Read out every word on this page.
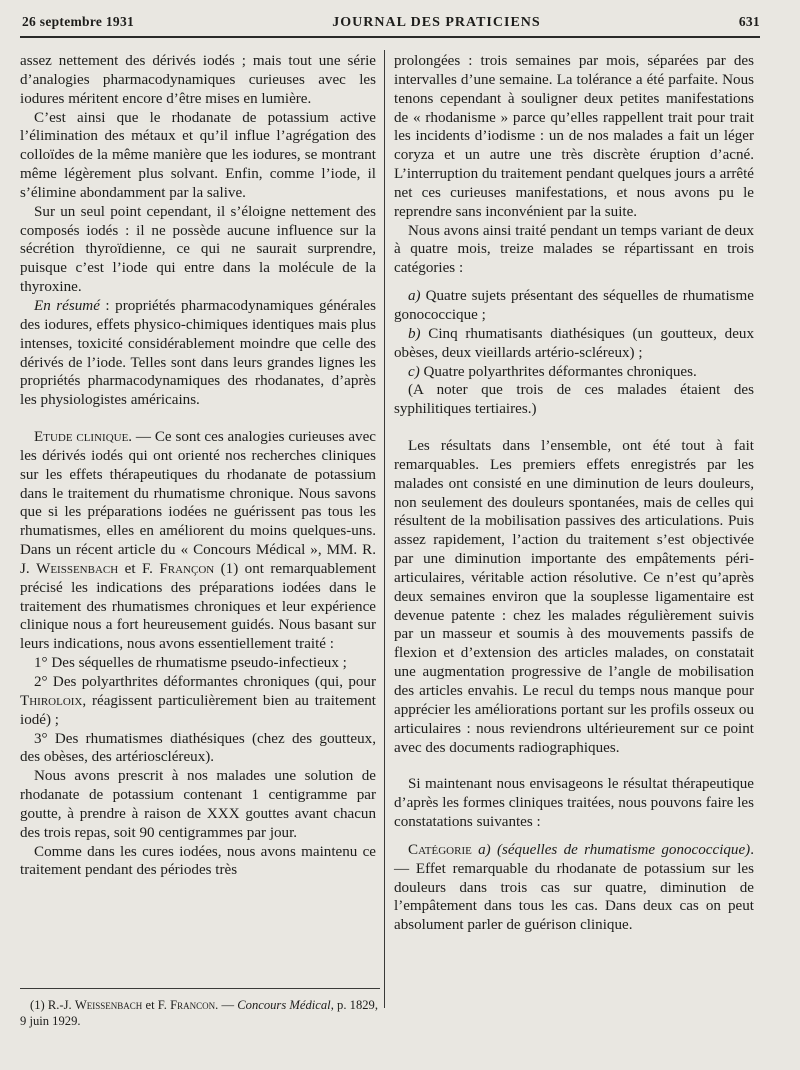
26 septembre 1931	JOURNAL DES PRATICIENS	631

assez nettement des dérivés iodés ; mais tout une série d’analogies pharmacodynamiques curieuses avec les iodures méritent encore d’être mises en lumière.

C’est ainsi que le rhodanate de potassium active l’élimination des métaux et qu’il influe l’agrégation des colloïdes de la même manière que les iodures, se montrant même légèrement plus solvant. Enfin, comme l’iode, il s’élimine abondamment par la salive.

Sur un seul point cependant, il s’éloigne nettement des composés iodés : il ne possède aucune influence sur la sécrétion thyroïdienne, ce qui ne saurait surprendre, puisque c’est l’iode qui entre dans la molécule de la thyroxine.

En résumé : propriétés pharmacodynamiques générales des iodures, effets physico-chimiques identiques mais plus intenses, toxicité considérablement moindre que celle des dérivés de l’iode. Telles sont dans leurs grandes lignes les propriétés pharmacodynamiques des rhodanates, d’après les physiologistes américains.

Etude clinique. — Ce sont ces analogies curieuses avec les dérivés iodés qui ont orienté nos recherches cliniques sur les effets thérapeutiques du rhodanate de potassium dans le traitement du rhumatisme chronique. Nous savons que si les préparations iodées ne guérissent pas tous les rhumatismes, elles en améliorent du moins quelques-uns. Dans un récent article du « Concours Médical », MM. R. J. Weissenbach et F. Françon (1) ont remarquablement précisé les indications des préparations iodées dans le traitement des rhumatismes chroniques et leur expérience clinique nous a fort heureusement guidés. Nous basant sur leurs indications, nous avons essentiellement traité :

1° Des séquelles de rhumatisme pseudo-infectieux ;

2° Des polyarthrites déformantes chroniques (qui, pour Thiroloix, réagissent particulièrement bien au traitement iodé) ;

3° Des rhumatismes diathésiques (chez des goutteux, des obèses, des artérioscléreux).

Nous avons prescrit à nos malades une solution de rhodanate de potassium contenant 1 centigramme par goutte, à prendre à raison de XXX gouttes avant chacun des trois repas, soit 90 centigrammes par jour.

Comme dans les cures iodées, nous avons maintenu ce traitement pendant des périodes très

(1) R.-J. Weissenbach et F. Francon. — Concours Médical, p. 1829, 9 juin 1929.

prolongées : trois semaines par mois, séparées par des intervalles d’une semaine. La tolérance a été parfaite. Nous tenons cependant à souligner deux petites manifestations de « rhodanisme » parce qu’elles rappellent trait pour trait les incidents d’iodisme : un de nos malades a fait un léger coryza et un autre une très discrète éruption d’acné. L’interruption du traitement pendant quelques jours a arrêté net ces curieuses manifestations, et nous avons pu le reprendre sans inconvénient par la suite.

Nous avons ainsi traité pendant un temps variant de deux à quatre mois, treize malades se répartissant en trois catégories :

a) Quatre sujets présentant des séquelles de rhumatisme gonococcique ;

b) Cinq rhumatisants diathésiques (un goutteux, deux obèses, deux vieillards artério-scléreux) ;

c) Quatre polyarthrites déformantes chroniques.

(A noter que trois de ces malades étaient des syphilitiques tertiaires.)

Les résultats dans l’ensemble, ont été tout à fait remarquables. Les premiers effets enregistrés par les malades ont consisté en une diminution de leurs douleurs, non seulement des douleurs spontanées, mais de celles qui résultent de la mobilisation passives des articulations. Puis assez rapidement, l’action du traitement s’est objectivée par une diminution importante des empâtements péri-articulaires, véritable action résolutive. Ce n’est qu’après deux semaines environ que la souplesse ligamentaire est devenue patente : chez les malades régulièrement suivis par un masseur et soumis à des mouvements passifs de flexion et d’extension des articles malades, on constatait une augmentation progressive de l’angle de mobilisation des articles envahis. Le recul du temps nous manque pour apprécier les améliorations portant sur les profils osseux ou articulaires : nous reviendrons ultérieurement sur ce point avec des documents radiographiques.

Si maintenant nous envisageons le résultat thérapeutique d’après les formes cliniques traitées, nous pouvons faire les constatations suivantes :

Catégorie a) (séquelles de rhumatisme gonococcique). — Effet remarquable du rhodanate de potassium sur les douleurs dans trois cas sur quatre, diminution de l’empâtement dans tous les cas. Dans deux cas on peut absolument parler de guérison clinique.
